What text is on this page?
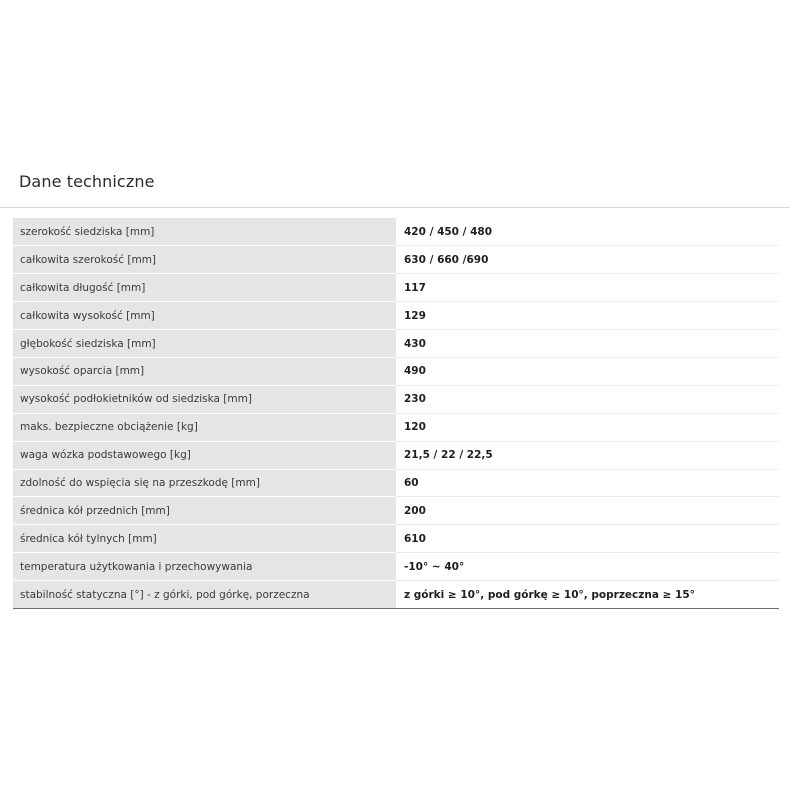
Dane techniczne
szerokość siedziska [mm]	420 / 450 / 480
całkowita szerokość [mm]	630 / 660 /690
całkowita długość [mm]	117
całkowita wysokość [mm]	129
głębokość siedziska [mm]	430
wysokość oparcia [mm]	490
wysokość podłokietników od siedziska [mm]	230
maks. bezpieczne obciążenie [kg]	120
waga wózka podstawowego [kg]	21,5 / 22 / 22,5
zdolność do wspięcia się na przeszkodę [mm]	60
średnica kół przednich [mm]	200
średnica kół tylnych [mm]	610
temperatura użytkowania i przechowywania	-10° ~ 40°
stabilność statyczna [°] - z górki, pod górkę, porzeczna	z górki ≥ 10°, pod górkę ≥ 10°, poprzeczna ≥ 15°
